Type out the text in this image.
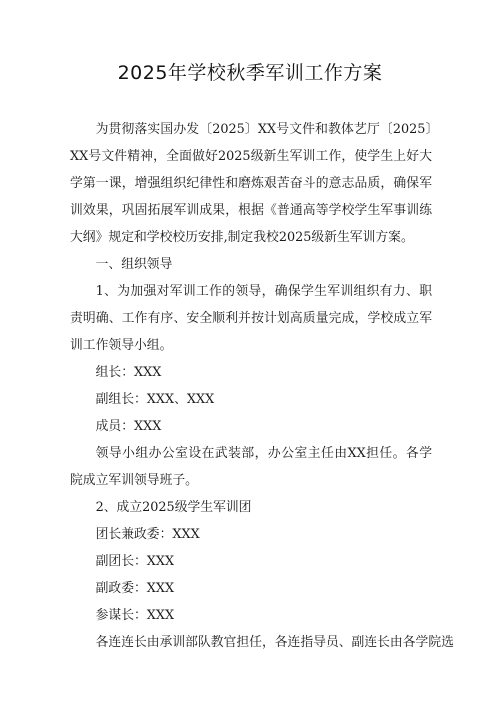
2025年学校秋季军训工作方案

为贯彻落实国办发〔2025〕XX号文件和教体艺厅〔2025〕XX号文件精神，全面做好2025级新生军训工作，使学生上好大学第一课，增强组织纪律性和磨炼艰苦奋斗的意志品质，确保军训效果，巩固拓展军训成果，根据《普通高等学校学生军事训练大纲》规定和学校校历安排,制定我校2025级新生军训方案。

一、组织领导

1、为加强对军训工作的领导，确保学生军训组织有力、职责明确、工作有序、安全顺利并按计划高质量完成，学校成立军训工作领导小组。

组长：XXX

副组长：XXX、XXX

成员：XXX

领导小组办公室设在武装部，办公室主任由XX担任。各学院成立军训领导班子。

2、成立2025级学生军训团

团长兼政委：XXX

副团长：XXX

副政委：XXX

参谋长：XXX

各连连长由承训部队教官担任，各连指导员、副连长由各学院选
